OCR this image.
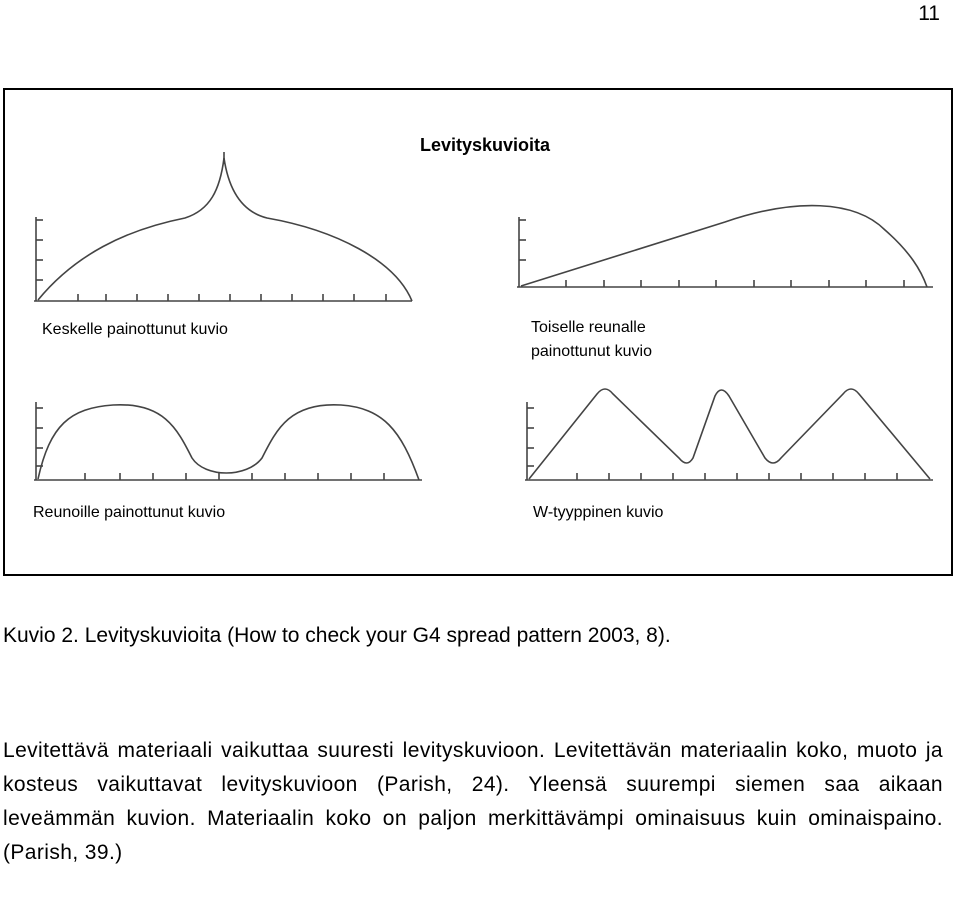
11
Levityskuvioita
Keskelle painottunut kuvio	Toiselle reunalle
painottunut kuvio
Reunoille painottunut kuvio	W-tyyppinen kuvio
Kuvio 2. Levityskuvioita (How to check your G4 spread pattern 2003, 8).
Levitettävä materiaali vaikuttaa suuresti levityskuvioon. Levitettävän materiaalin koko, muoto ja kosteus vaikuttavat levityskuvioon (Parish, 24). Yleensä suurempi siemen saa aikaan leveämmän kuvion. Materiaalin koko on paljon merkittävämpi ominaisuus kuin ominaispaino. (Parish, 39.)
